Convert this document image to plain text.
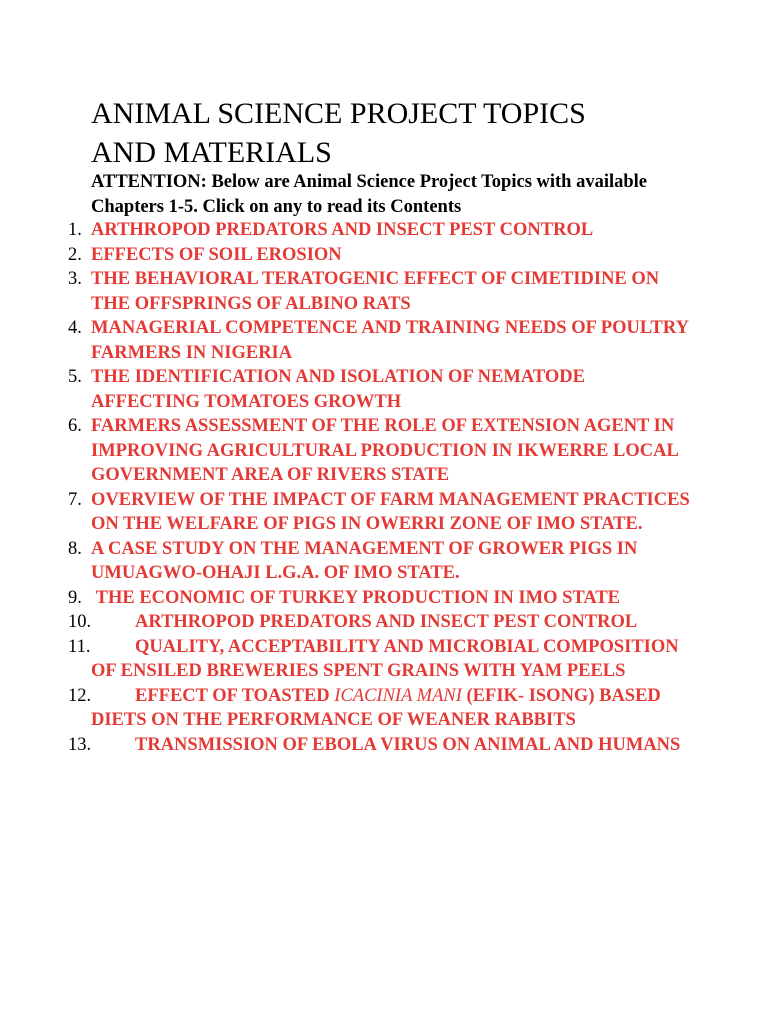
ANIMAL SCIENCE PROJECT TOPICS
AND MATERIALS

ATTENTION: Below are Animal Science Project Topics with available Chapters 1-5. Click on any to read its Contents

1. ARTHROPOD PREDATORS AND INSECT PEST CONTROL
2. EFFECTS OF SOIL EROSION
3. THE BEHAVIORAL TERATOGENIC EFFECT OF CIMETIDINE ON THE OFFSPRINGS OF ALBINO RATS
4. MANAGERIAL COMPETENCE AND TRAINING NEEDS OF POULTRY FARMERS IN NIGERIA
5. THE IDENTIFICATION AND ISOLATION OF NEMATODE AFFECTING TOMATOES GROWTH
6. FARMERS ASSESSMENT OF THE ROLE OF EXTENSION AGENT IN IMPROVING AGRICULTURAL PRODUCTION IN IKWERRE LOCAL GOVERNMENT AREA OF RIVERS STATE
7. OVERVIEW OF THE IMPACT OF FARM MANAGEMENT PRACTICES ON THE WELFARE OF PIGS IN OWERRI ZONE OF IMO STATE.
8. A CASE STUDY ON THE MANAGEMENT OF GROWER PIGS IN UMUAGWO-OHAJI L.G.A. OF IMO STATE.
9. THE ECONOMIC OF TURKEY PRODUCTION IN IMO STATE
10.	ARTHROPOD PREDATORS AND INSECT PEST CONTROL
11.	QUALITY, ACCEPTABILITY AND MICROBIAL COMPOSITION OF ENSILED BREWERIES SPENT GRAINS WITH YAM PEELS
12.	EFFECT OF TOASTED ICACINIA MANI (EFIK- ISONG) BASED DIETS ON THE PERFORMANCE OF WEANER RABBITS
13.	TRANSMISSION OF EBOLA VIRUS ON ANIMAL AND HUMANS
